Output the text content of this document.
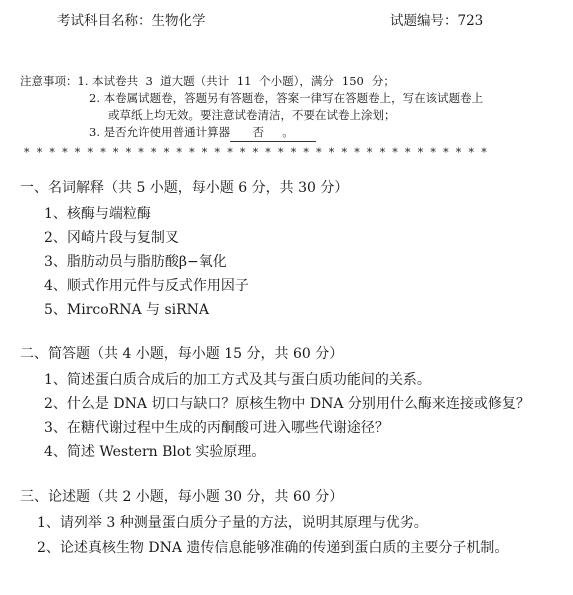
考试科目名称：生物化学	试题编号：723
注意事项：1. 本试卷共 3 道大题（共计 11 个小题），满分 150 分；
2. 本卷属试题卷，答题另有答题卷，答案一律写在答题卷上，写在该试题卷上
或草纸上均无效。要注意试卷清洁，不要在试卷上涂划；
3. 是否允许使用普通计算器 否 。
*************************************
一、名词解释（共 5 小题，每小题 6 分，共 30 分）
1、核酶与端粒酶
2、冈崎片段与复制叉
3、脂肪动员与脂肪酸β−氧化
4、顺式作用元件与反式作用因子
5、MircoRNA 与 siRNA
二、简答题（共 4 小题，每小题 15 分，共 60 分）
1、简述蛋白质合成后的加工方式及其与蛋白质功能间的关系。
2、什么是 DNA 切口与缺口？原核生物中 DNA 分别用什么酶来连接或修复？
3、在糖代谢过程中生成的丙酮酸可进入哪些代谢途径？
4、简述 Western Blot 实验原理。
三、论述题（共 2 小题，每小题 30 分，共 60 分）
1、请列举 3 种测量蛋白质分子量的方法，说明其原理与优劣。
2、论述真核生物 DNA 遗传信息能够准确的传递到蛋白质的主要分子机制。
